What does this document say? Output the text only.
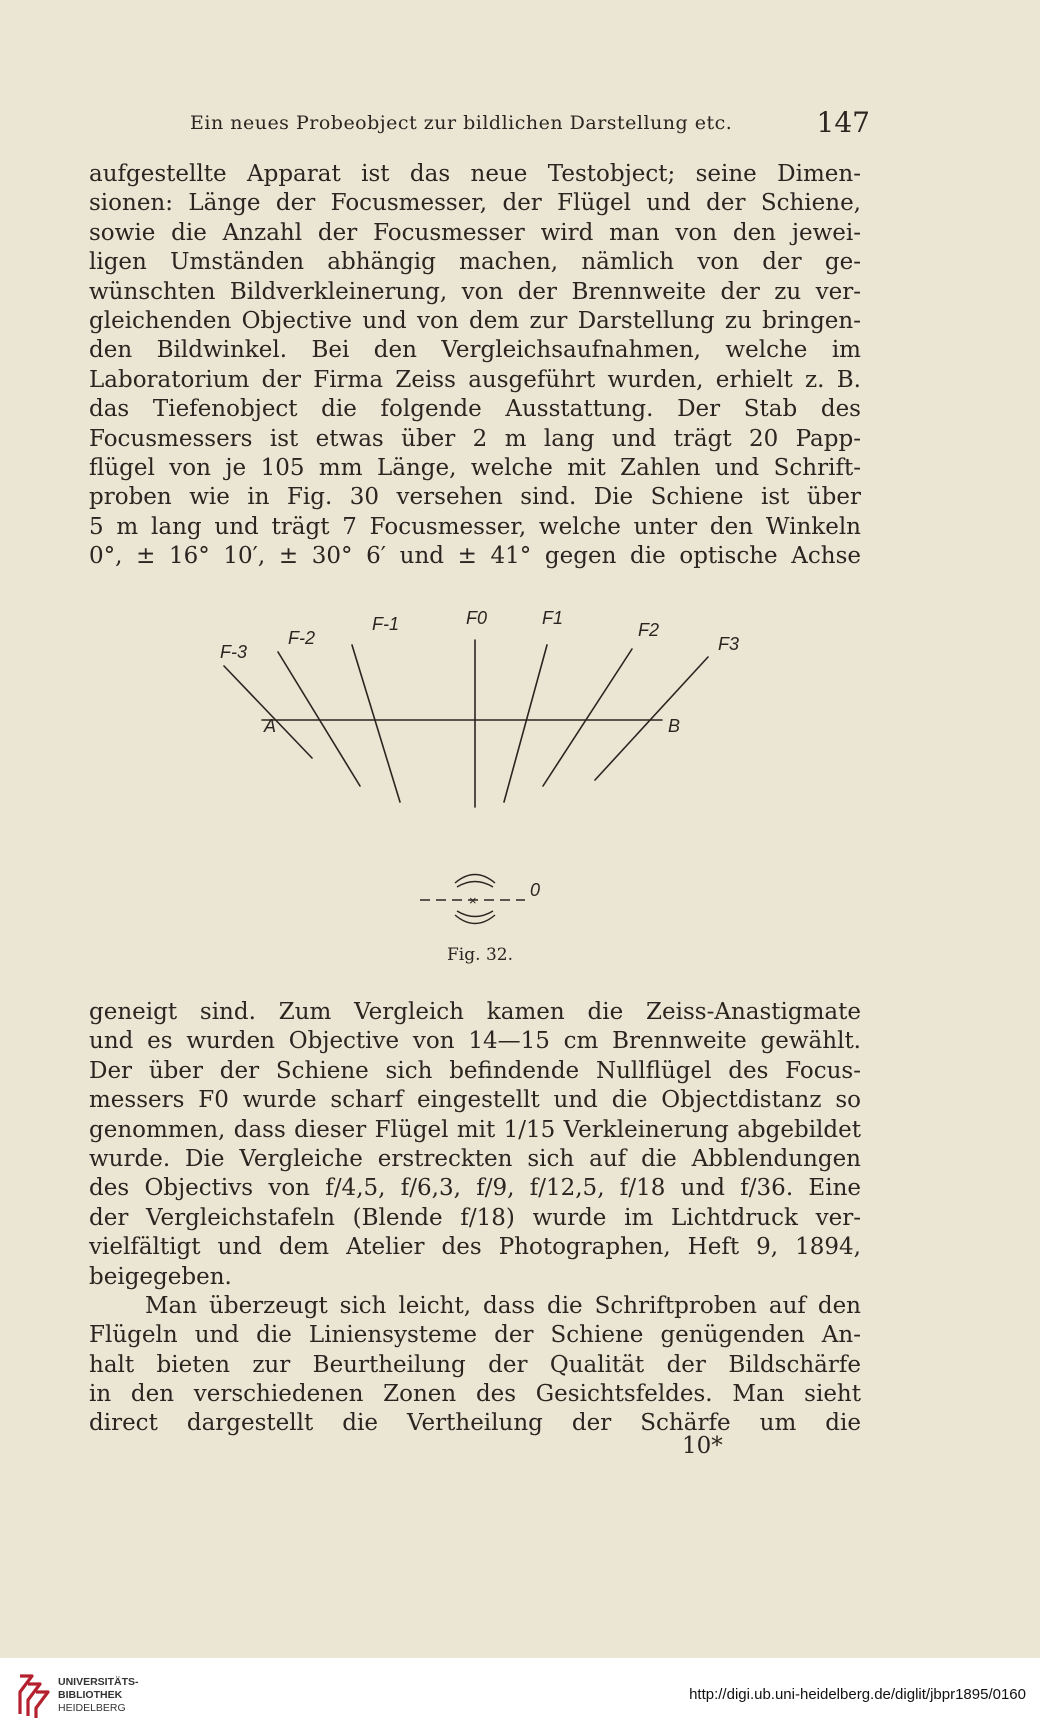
Ein neues Probeobject zur bildlichen Darstellung etc.	147
aufgestellte Apparat ist das neue Testobject; seine Dimen-
sionen: Länge der Focusmesser, der Flügel und der Schiene,
sowie die Anzahl der Focusmesser wird man von den jewei-
ligen Umständen abhängig machen, nämlich von der ge-
wünschten Bildverkleinerung, von der Brennweite der zu ver-
gleichenden Objective und von dem zur Darstellung zu bringen-
den Bildwinkel. Bei den Vergleichsaufnahmen, welche im
Laboratorium der Firma Zeiss ausgeführt wurden, erhielt z. B.
das Tiefenobject die folgende Ausstattung. Der Stab des
Focusmessers ist etwas über 2 m lang und trägt 20 Papp-
flügel von je 105 mm Länge, welche mit Zahlen und Schrift-
proben wie in Fig. 30 versehen sind. Die Schiene ist über
5 m lang und trägt 7 Focusmesser, welche unter den Winkeln
0°, ± 16° 10′, ± 30° 6′ und ± 41° gegen die optische Achse
F-3
F-2
F-1	F0	F1
F2
F3
A	B
×
0
Fig. 32.
geneigt sind. Zum Vergleich kamen die Zeiss-Anastigmate
und es wurden Objective von 14—15 cm Brennweite gewählt.
Der über der Schiene sich befindende Nullflügel des Focus-
messers F0 wurde scharf eingestellt und die Objectdistanz so
genommen, dass dieser Flügel mit 1/15 Verkleinerung abgebildet
wurde. Die Vergleiche erstreckten sich auf die Abblendungen
des Objectivs von f/4,5, f/6,3, f/9, f/12,5, f/18 und f/36. Eine
der Vergleichstafeln (Blende f/18) wurde im Lichtdruck ver-
vielfältigt und dem Atelier des Photographen, Heft 9, 1894,
beigegeben.
Man überzeugt sich leicht, dass die Schriftproben auf den
Flügeln und die Liniensysteme der Schiene genügenden An-
halt bieten zur Beurtheilung der Qualität der Bildschärfe
in den verschiedenen Zonen des Gesichtsfeldes. Man sieht
direct dargestellt die Vertheilung der Schärfe um die
10*
UNIVERSITÄTS-
BIBLIOTHEK
HEIDELBERG
http://digi.ub.uni-heidelberg.de/diglit/jbpr1895/0160
